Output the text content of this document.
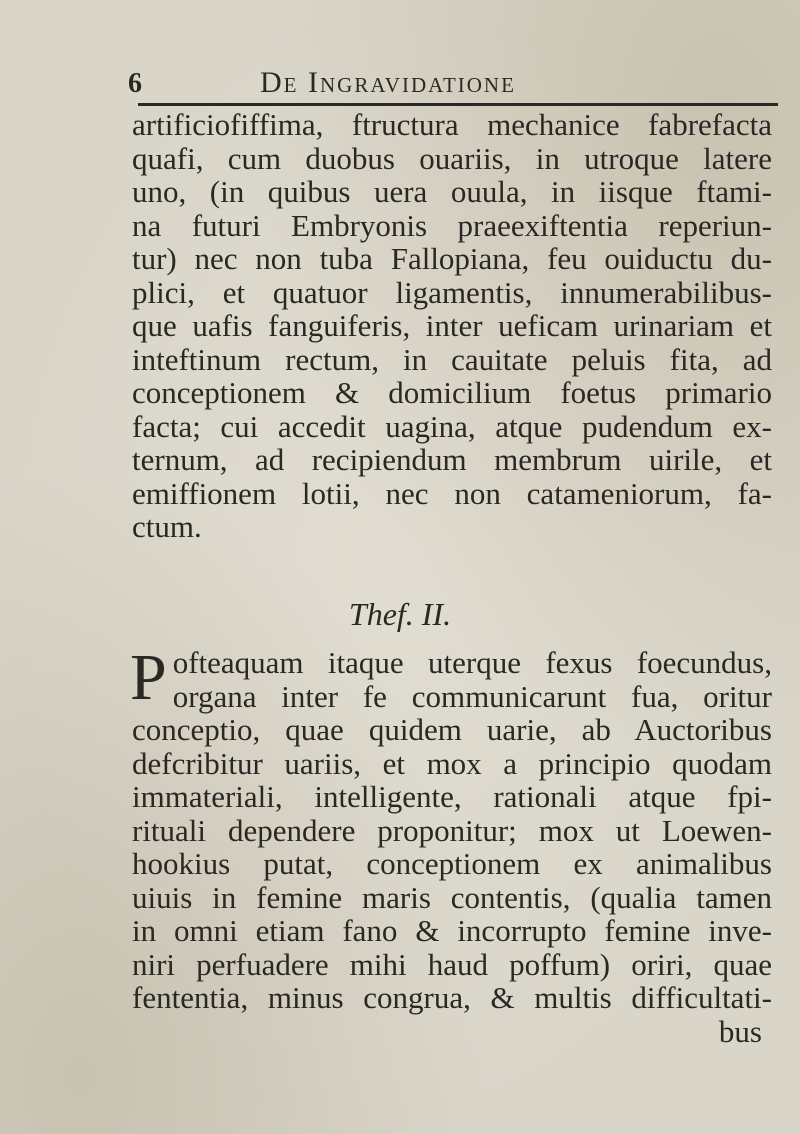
6	De Ingravidatione
artificiofiffima, ftructura mechanice fabrefacta
quafi, cum duobus ouariis, in utroque latere
uno, (in quibus uera ouula, in iisque ftami-
na futuri Embryonis praeexiftentia reperiun-
tur) nec non tuba Fallopiana, feu ouiductu du-
plici, et quatuor ligamentis, innumerabilibus-
que uafis fanguiferis, inter ueficam urinariam et
inteftinum rectum, in cauitate peluis fita, ad
conceptionem & domicilium foetus primario
facta; cui accedit uagina, atque pudendum ex-
ternum, ad recipiendum membrum uirile, et
emiffionem lotii, nec non catameniorum, fa-
ctum.
Thef. II.
P ofteaquam itaque uterque fexus foecundus,
organa inter fe communicarunt fua, oritur
conceptio, quae quidem uarie, ab Auctoribus
defcribitur uariis, et mox a principio quodam
immateriali, intelligente, rationali atque fpi-
rituali dependere proponitur; mox ut Loewen-
hookius putat, conceptionem ex animalibus
uiuis in femine maris contentis, (qualia tamen
in omni etiam fano & incorrupto femine inve-
niri perfuadere mihi haud poffum) oriri, quae
fententia, minus congrua, & multis difficultati-
bus
